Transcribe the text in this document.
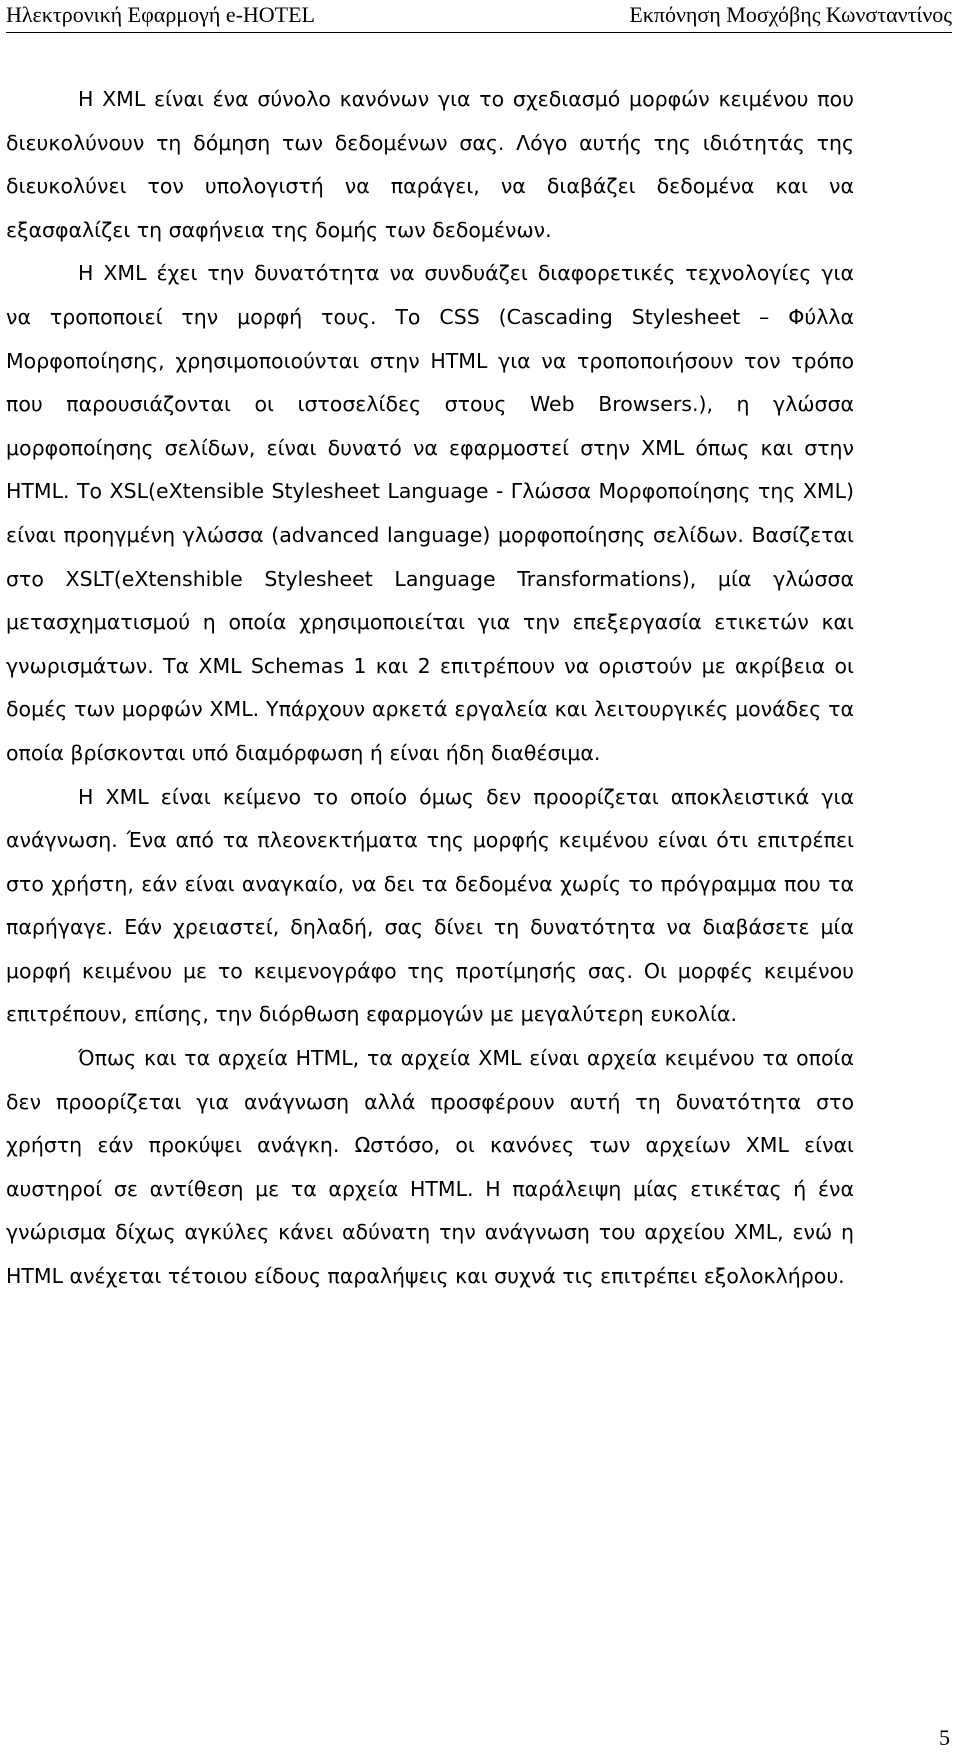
Ηλεκτρονική Εφαρμογή e-HOTEL	Εκπόνηση Μοσχόβης Κωνσταντίνος

Η XML είναι ένα σύνολο κανόνων για το σχεδιασμό μορφών κειμένου που διευκολύνουν τη δόμηση των δεδομένων σας. Λόγο αυτής της ιδιότητάς της διευκολύνει τον υπολογιστή να παράγει, να διαβάζει δεδομένα και να εξασφαλίζει τη σαφήνεια της δομής των δεδομένων.

Η XML έχει την δυνατότητα να συνδυάζει διαφορετικές τεχνολογίες για να τροποποιεί την μορφή τους. Το CSS (Cascading Stylesheet – Φύλλα Μορφοποίησης, χρησιμοποιούνται στην HTML για να τροποποιήσουν τον τρόπο που παρουσιάζονται οι ιστοσελίδες στους Web Browsers.), η γλώσσα μορφοποίησης σελίδων, είναι δυνατό να εφαρμοστεί στην XML όπως και στην HTML. Το XSL(eXtensible Stylesheet Language - Γλώσσα Μορφοποίησης της XML) είναι προηγμένη γλώσσα (advanced language) μορφοποίησης σελίδων. Βασίζεται στο XSLT(eXtenshible Stylesheet Language Transformations), μία γλώσσα μετασχηματισμού η οποία χρησιμοποιείται για την επεξεργασία ετικετών και γνωρισμάτων. Τα XML Schemas 1 και 2 επιτρέπουν να οριστούν με ακρίβεια οι δομές των μορφών XML. Υπάρχουν αρκετά εργαλεία και λειτουργικές μονάδες τα οποία βρίσκονται υπό διαμόρφωση ή είναι ήδη διαθέσιμα.

Η XML είναι κείμενο το οποίο όμως δεν προορίζεται αποκλειστικά για ανάγνωση. Ένα από τα πλεονεκτήματα της μορφής κειμένου είναι ότι επιτρέπει στο χρήστη, εάν είναι αναγκαίο, να δει τα δεδομένα χωρίς το πρόγραμμα που τα παρήγαγε. Εάν χρειαστεί, δηλαδή, σας δίνει τη δυνατότητα να διαβάσετε μία μορφή κειμένου με το κειμενογράφο της προτίμησής σας. Οι μορφές κειμένου επιτρέπουν, επίσης, την διόρθωση εφαρμογών με μεγαλύτερη ευκολία.

Όπως και τα αρχεία HTML, τα αρχεία XML είναι αρχεία κειμένου τα οποία δεν προορίζεται για ανάγνωση αλλά προσφέρουν αυτή τη δυνατότητα στο χρήστη εάν προκύψει ανάγκη. Ωστόσο, οι κανόνες των αρχείων XML είναι αυστηροί σε αντίθεση με τα αρχεία HTML. Η παράλειψη μίας ετικέτας ή ένα γνώρισμα δίχως αγκύλες κάνει αδύνατη την ανάγνωση του αρχείου XML, ενώ η HTML ανέχεται τέτοιου είδους παραλήψεις και συχνά τις επιτρέπει εξολοκλήρου.

5
